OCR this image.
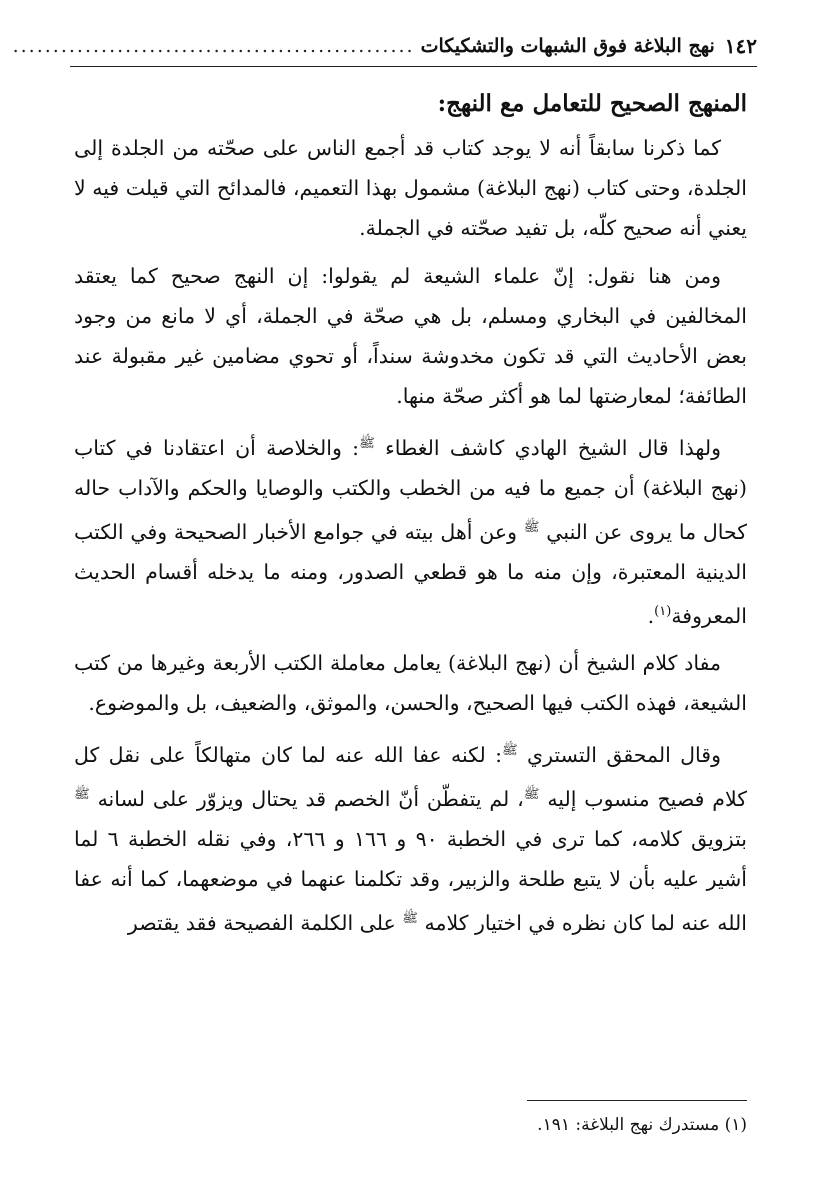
١٤٢
نهج البلاغة فوق الشبهات والتشكيكات
..................................................
المنهج الصحيح للتعامل مع النهج:

كما ذكرنا سابقاً أنه لا يوجد كتاب قد أجمع الناس على صحّته من الجلدة إلى الجلدة، وحتى كتاب (نهج البلاغة) مشمول بهذا التعميم، فالمدائح التي قيلت فيه لا يعني أنه صحيح كلّه، بل تفيد صحّته في الجملة.

ومن هنا نقول: إنّ علماء الشيعة لم يقولوا: إن النهج صحيح كما يعتقد المخالفين في البخاري ومسلم، بل هي صحّة في الجملة، أي لا مانع من وجود بعض الأحاديث التي قد تكون مخدوشة سنداً، أو تحوي مضامين غير مقبولة عند الطائفة؛ لمعارضتها لما هو أكثر صحّة منها.

ولهذا قال الشيخ الهادي كاشف الغطاء $^ﷺ$: والخلاصة أن اعتقادنا في كتاب (نهج البلاغة) أن جميع ما فيه من الخطب والكتب والوصايا والحكم والآداب حاله كحال ما يروى عن النبي $^ﷺ$ وعن أهل بيته في جوامع الأخبار الصحيحة وفي الكتب الدينية المعتبرة، وإن منه ما هو قطعي الصدور، ومنه ما يدخله أقسام الحديث المعروفة$^{(١)}$.

مفاد كلام الشيخ أن (نهج البلاغة) يعامل معاملة الكتب الأربعة وغيرها من كتب الشيعة، فهذه الكتب فيها الصحيح، والحسن، والموثق، والضعيف، بل والموضوع.

وقال المحقق التستري $^ﷺ$: لكنه عفا الله عنه لما كان متهالكاً على نقل كل كلام فصيح منسوب إليه $^ﷺ$، لم يتفطّن أنّ الخصم قد يحتال ويزوّر على لسانه $^ﷺ$ بتزويق كلامه، كما ترى في الخطبة ٩٠ و ١٦٦ و ٢٦٦، وفي نقله الخطبة ٦ لما أشير عليه بأن لا يتبع طلحة والزبير، وقد تكلمنا عنهما في موضعهما، كما أنه عفا الله عنه لما كان نظره في اختيار كلامه $^ﷺ$ على الكلمة الفصيحة فقد يقتصر

(١) مستدرك نهج البلاغة: ١٩١.
